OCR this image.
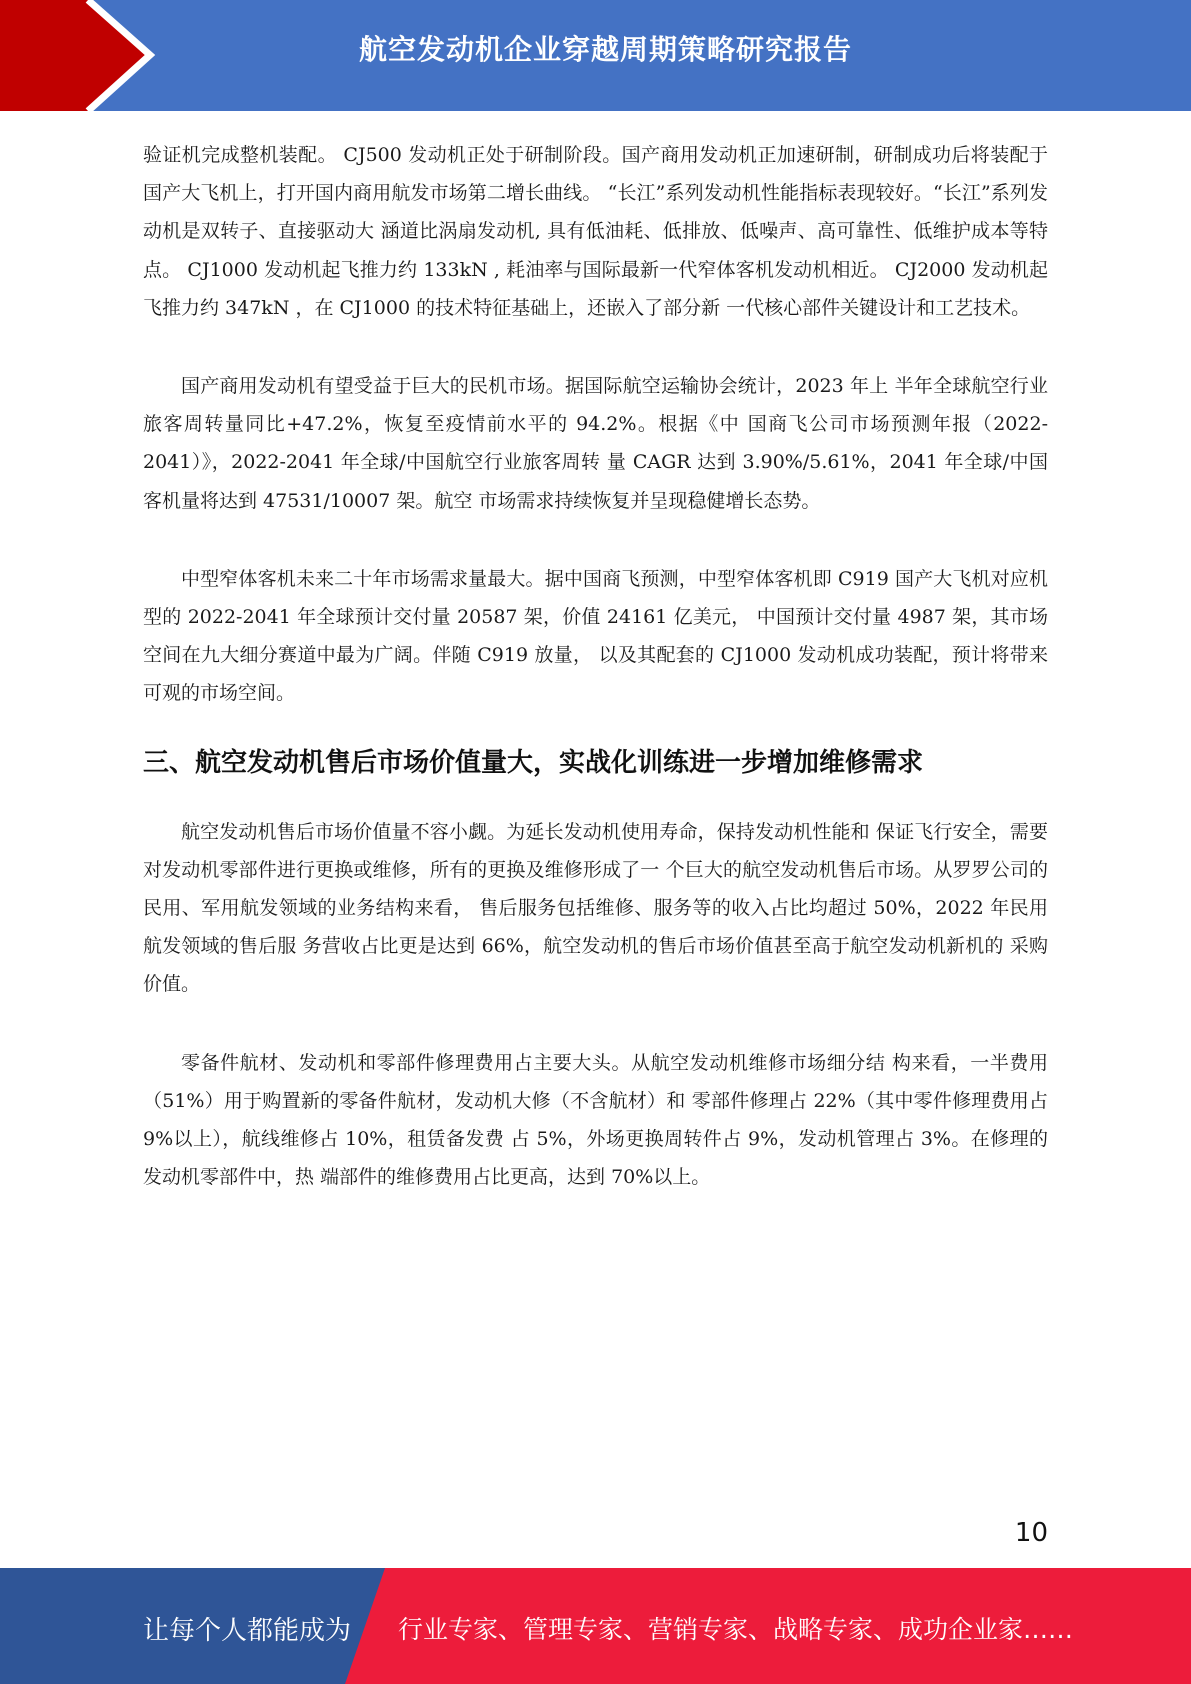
航空发动机企业穿越周期策略研究报告

验证机完成整机装配。 CJ500 发动机正处于研制阶段。国产商用发动机正加速研制，研制成功后将装配于 国产大飞机上，打开国内商用航发市场第二增长曲线。 “长江”系列发动机性能指标表现较好。“长江”系列发动机是双转子、直接驱动大 涵道比涡扇发动机, 具有低油耗、低排放、低噪声、高可靠性、低维护成本等特点。 CJ1000 发动机起飞推力约 133kN , 耗油率与国际最新一代窄体客机发动机相近。 CJ2000 发动机起飞推力约 347kN ，在 CJ1000 的技术特征基础上，还嵌入了部分新 一代核心部件关键设计和工艺技术。

国产商用发动机有望受益于巨大的民机市场。据国际航空运输协会统计，2023 年上 半年全球航空行业旅客周转量同比+47.2%，恢复至疫情前水平的 94.2%。根据《中 国商飞公司市场预测年报（2022-2041）》，2022-2041 年全球/中国航空行业旅客周转 量 CAGR 达到 3.90%/5.61%，2041 年全球/中国客机量将达到 47531/10007 架。航空 市场需求持续恢复并呈现稳健增长态势。

中型窄体客机未来二十年市场需求量最大。据中国商飞预测，中型窄体客机即 C919 国产大飞机对应机型的 2022-2041 年全球预计交付量 20587 架，价值 24161 亿美元， 中国预计交付量 4987 架，其市场空间在九大细分赛道中最为广阔。伴随 C919 放量， 以及其配套的 CJ1000 发动机成功装配，预计将带来可观的市场空间。

三、航空发动机售后市场价值量大，实战化训练进一步增加维修需求

航空发动机售后市场价值量不容小觑。为延长发动机使用寿命，保持发动机性能和 保证飞行安全，需要对发动机零部件进行更换或维修，所有的更换及维修形成了一 个巨大的航空发动机售后市场。从罗罗公司的民用、军用航发领域的业务结构来看， 售后服务包括维修、服务等的收入占比均超过 50%，2022 年民用航发领域的售后服 务营收占比更是达到 66%，航空发动机的售后市场价值甚至高于航空发动机新机的 采购价值。

零备件航材、发动机和零部件修理费用占主要大头。从航空发动机维修市场细分结 构来看，一半费用（51%）用于购置新的零备件航材，发动机大修（不含航材）和 零部件修理占 22%（其中零件修理费用占 9%以上），航线维修占 10%，租赁备发费 占 5%，外场更换周转件占 9%，发动机管理占 3%。在修理的发动机零部件中，热 端部件的维修费用占比更高，达到 70%以上。

10
让每个人都能成为 行业专家、管理专家、营销专家、战略专家、成功企业家……
